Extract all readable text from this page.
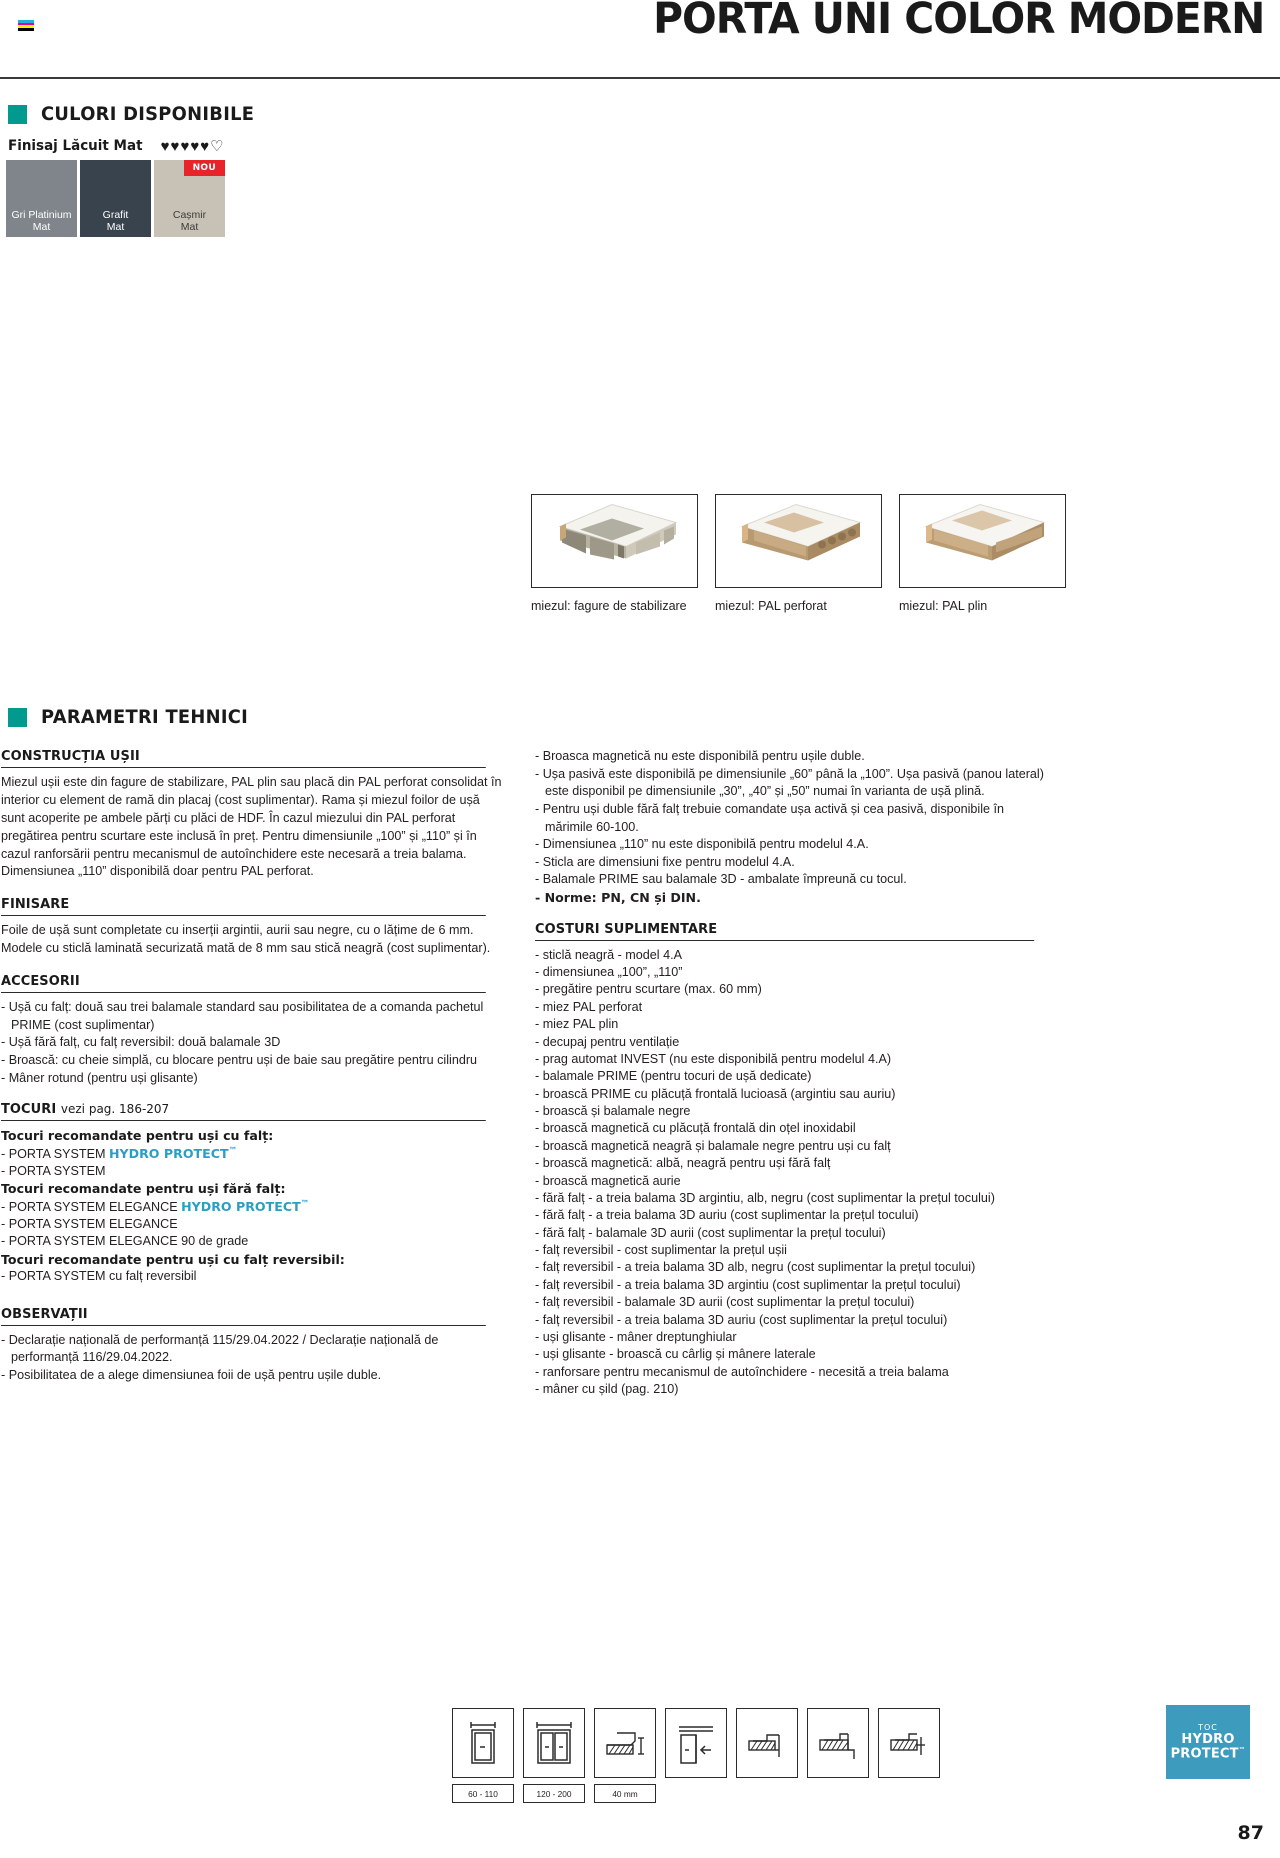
PORTA UNI COLOR MODERN
CULORI DISPONIBILE
Finisaj Lăcuit Mat ♥ ♥ ♥ ♥ ♥ ♡
Gri Platinium
Mat
Grafit
Mat
NOU
Cașmir
Mat
miezul: fagure de stabilizare	miezul: PAL perforat	miezul: PAL plin
PARAMETRI TEHNICI
CONSTRUCȚIA UȘII

Miezul ușii este din fagure de stabilizare, PAL plin sau placă din PAL perforat consolidat în interior cu element de ramă din placaj (cost suplimentar). Rama și miezul foilor de ușă sunt acoperite pe ambele părți cu plăci de HDF. În cazul miezului din PAL perforat pregătirea pentru scurtare este inclusă în preț. Pentru dimensiunile „100” și „110” și în cazul ranforsării pentru mecanismul de autoînchidere este necesară a treia balama. Dimensiunea „110” disponibilă doar pentru PAL perforat.

FINISARE

Foile de ușă sunt completate cu inserții argintii, aurii sau negre, cu o lățime de 6 mm. Modele cu sticlă laminată securizată mată de 8 mm sau stică neagră (cost suplimentar).

ACCESORII
- Ușă cu falț: două sau trei balamale standard sau posibilitatea de a comanda pachetul PRIME (cost suplimentar)
- Ușă fără falț, cu falț reversibil: două balamale 3D
- Broască: cu cheie simplă, cu blocare pentru uși de baie sau pregătire pentru cilindru
- Mâner rotund (pentru uși glisante)
TOCURI vezi pag. 186-207
Tocuri recomandate pentru uși cu falț:
- PORTA SYSTEM HYDRO PROTECT™
- PORTA SYSTEM
Tocuri recomandate pentru uși fără falț:
- PORTA SYSTEM ELEGANCE HYDRO PROTECT™
- PORTA SYSTEM ELEGANCE
- PORTA SYSTEM ELEGANCE 90 de grade
Tocuri recomandate pentru uși cu falț reversibil:
- PORTA SYSTEM cu falț reversibil
OBSERVAȚII
- Declarație națională de performanță 115/29.04.2022 / Declarație națională de performanță 116/29.04.2022.
- Posibilitatea de a alege dimensiunea foii de ușă pentru ușile duble.
- Broasca magnetică nu este disponibilă pentru ușile duble.
- Ușa pasivă este disponibilă pe dimensiunile „60” până la „100”. Ușa pasivă (panou lateral) este disponibil pe dimensiunile „30”, „40” și „50” numai în varianta de ușă plină.
- Pentru uși duble fără falț trebuie comandate ușa activă și cea pasivă, disponibile în mărimile 60-100.
- Dimensiunea „110” nu este disponibilă pentru modelul 4.A.
- Sticla are dimensiuni fixe pentru modelul 4.A.
- Balamale PRIME sau balamale 3D - ambalate împreună cu tocul.
- Norme: PN, CN și DIN.
COSTURI SUPLIMENTARE
- sticlă neagră - model 4.A
- dimensiunea „100”, „110”
- pregătire pentru scurtare (max. 60 mm)
- miez PAL perforat
- miez PAL plin
- decupaj pentru ventilație
- prag automat INVEST (nu este disponibilă pentru modelul 4.A)
- balamale PRIME (pentru tocuri de ușă dedicate)
- broască PRIME cu plăcuță frontală lucioasă (argintiu sau auriu)
- broască și balamale negre
- broască magnetică cu plăcuță frontală din oțel inoxidabil
- broască magnetică neagră și balamale negre pentru uși cu falț
- broască magnetică: albă, neagră pentru uși fără falț
- broască magnetică aurie
- fără falț - a treia balama 3D argintiu, alb, negru (cost suplimentar la prețul tocului)
- fără falț - a treia balama 3D auriu (cost suplimentar la prețul tocului)
- fără falț - balamale 3D aurii (cost suplimentar la prețul tocului)
- falț reversibil - cost suplimentar la prețul ușii
- falț reversibil - a treia balama 3D alb, negru (cost suplimentar la prețul tocului)
- falț reversibil - a treia balama 3D argintiu (cost suplimentar la prețul tocului)
- falț reversibil - balamale 3D aurii (cost suplimentar la prețul tocului)
- falț reversibil - a treia balama 3D auriu (cost suplimentar la prețul tocului)
- uși glisante - mâner dreptunghiular
- uși glisante - broască cu cârlig și mânere laterale
- ranforsare pentru mecanismul de autoînchidere - necesită a treia balama
- mâner cu șild (pag. 210)
60 - 110	120 - 200	40 mm
TOC
HYDRO
PROTECT™
87
